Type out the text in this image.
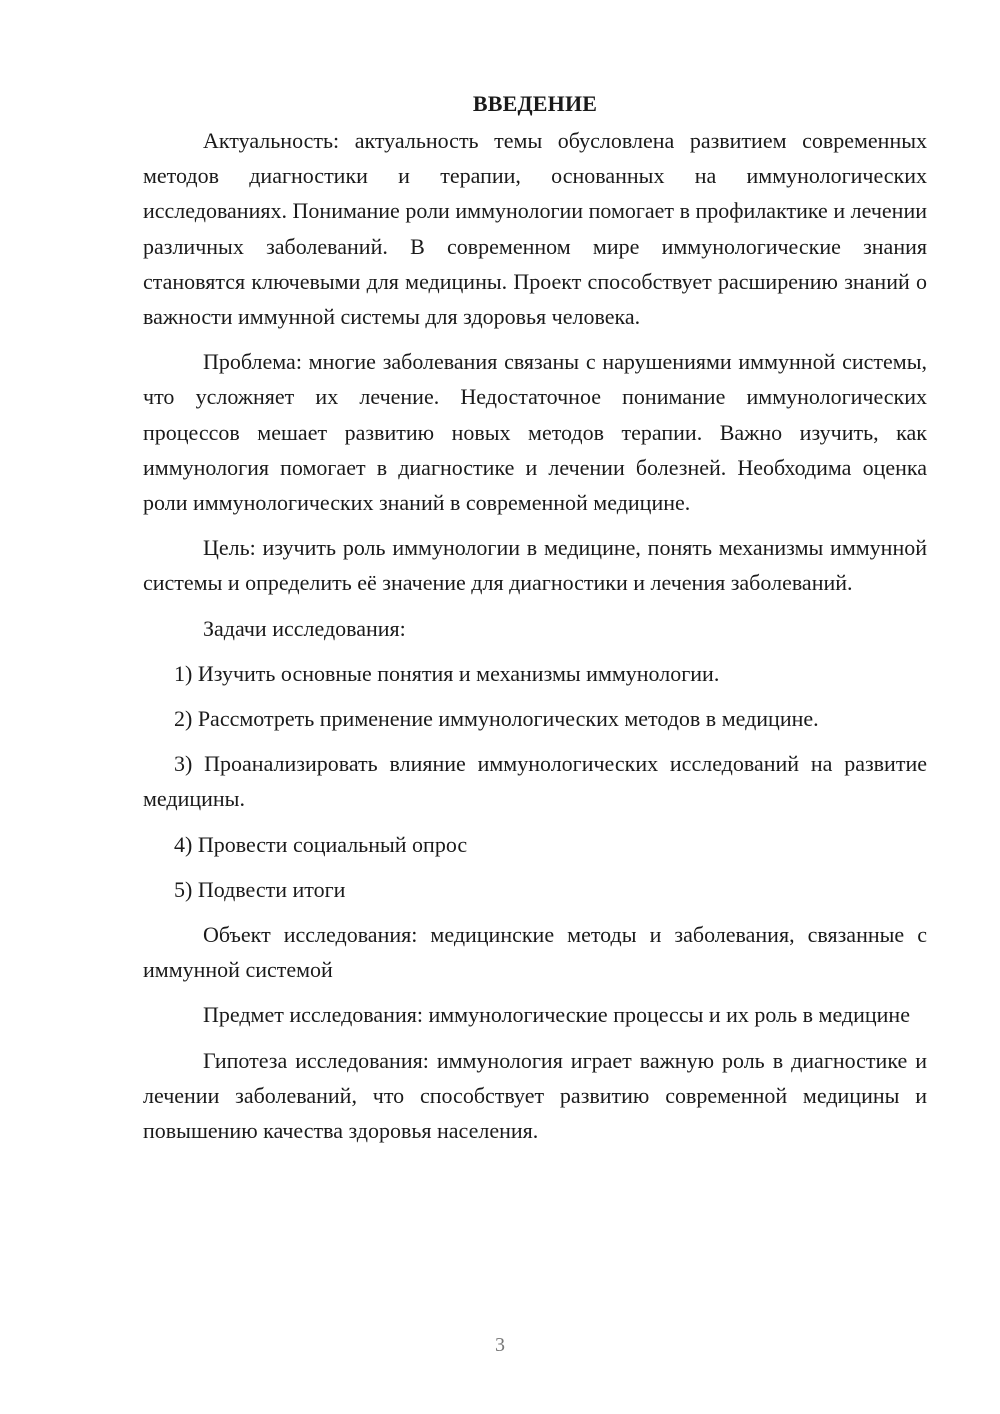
ВВЕДЕНИЕ

Актуальность: актуальность темы обусловлена развитием современных методов диагностики и терапии, основанных на иммунологических исследованиях. Понимание роли иммунологии помогает в профилактике и лечении различных заболеваний. В современном мире иммунологические знания становятся ключевыми для медицины. Проект способствует расширению знаний о важности иммунной системы для здоровья человека.

Проблема: многие заболевания связаны с нарушениями иммунной системы, что усложняет их лечение. Недостаточное понимание иммунологических процессов мешает развитию новых методов терапии. Важно изучить, как иммунология помогает в диагностике и лечении болезней. Необходима оценка роли иммунологических знаний в современной медицине.

Цель: изучить роль иммунологии в медицине, понять механизмы иммунной системы и определить её значение для диагностики и лечения заболеваний.

Задачи исследования:

1) Изучить основные понятия и механизмы иммунологии.

2) Рассмотреть применение иммунологических методов в медицине.

3) Проанализировать влияние иммунологических исследований на развитие медицины.

4) Провести социальный опрос

5) Подвести итоги

Объект исследования: медицинские методы и заболевания, связанные с иммунной системой

Предмет исследования: иммунологические процессы и их роль в медицине

Гипотеза исследования: иммунология играет важную роль в диагностике и лечении заболеваний, что способствует развитию современной медицины и повышению качества здоровья населения.

3
